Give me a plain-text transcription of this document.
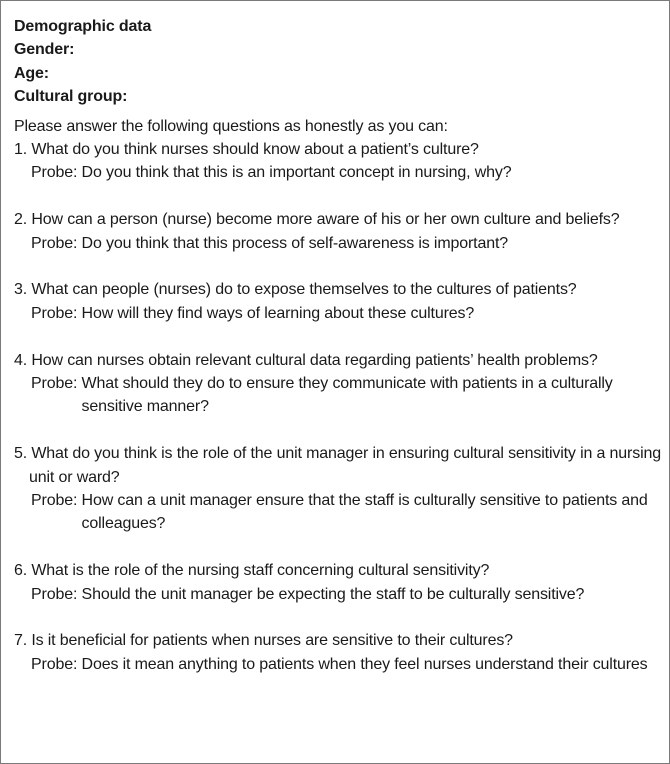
Demographic data
Gender:
Age:
Cultural group:
Please answer the following questions as honestly as you can:
1. What do you think nurses should know about a patient’s culture?
Probe: Do you think that this is an important concept in nursing, why?
2. How can a person (nurse) become more aware of his or her own culture and beliefs?
Probe: Do you think that this process of self-awareness is important?
3. What can people (nurses) do to expose themselves to the cultures of patients?
Probe: How will they find ways of learning about these cultures?
4. How can nurses obtain relevant cultural data regarding patients’ health problems?
Probe: What should they do to ensure they communicate with patients in a culturally sensitive manner?
5. What do you think is the role of the unit manager in ensuring cultural sensitivity in a nursing unit or ward?
Probe: How can a unit manager ensure that the staff is culturally sensitive to patients and colleagues?
6. What is the role of the nursing staff concerning cultural sensitivity?
Probe: Should the unit manager be expecting the staff to be culturally sensitive?
7. Is it beneficial for patients when nurses are sensitive to their cultures?
Probe: Does it mean anything to patients when they feel nurses understand their cultures
